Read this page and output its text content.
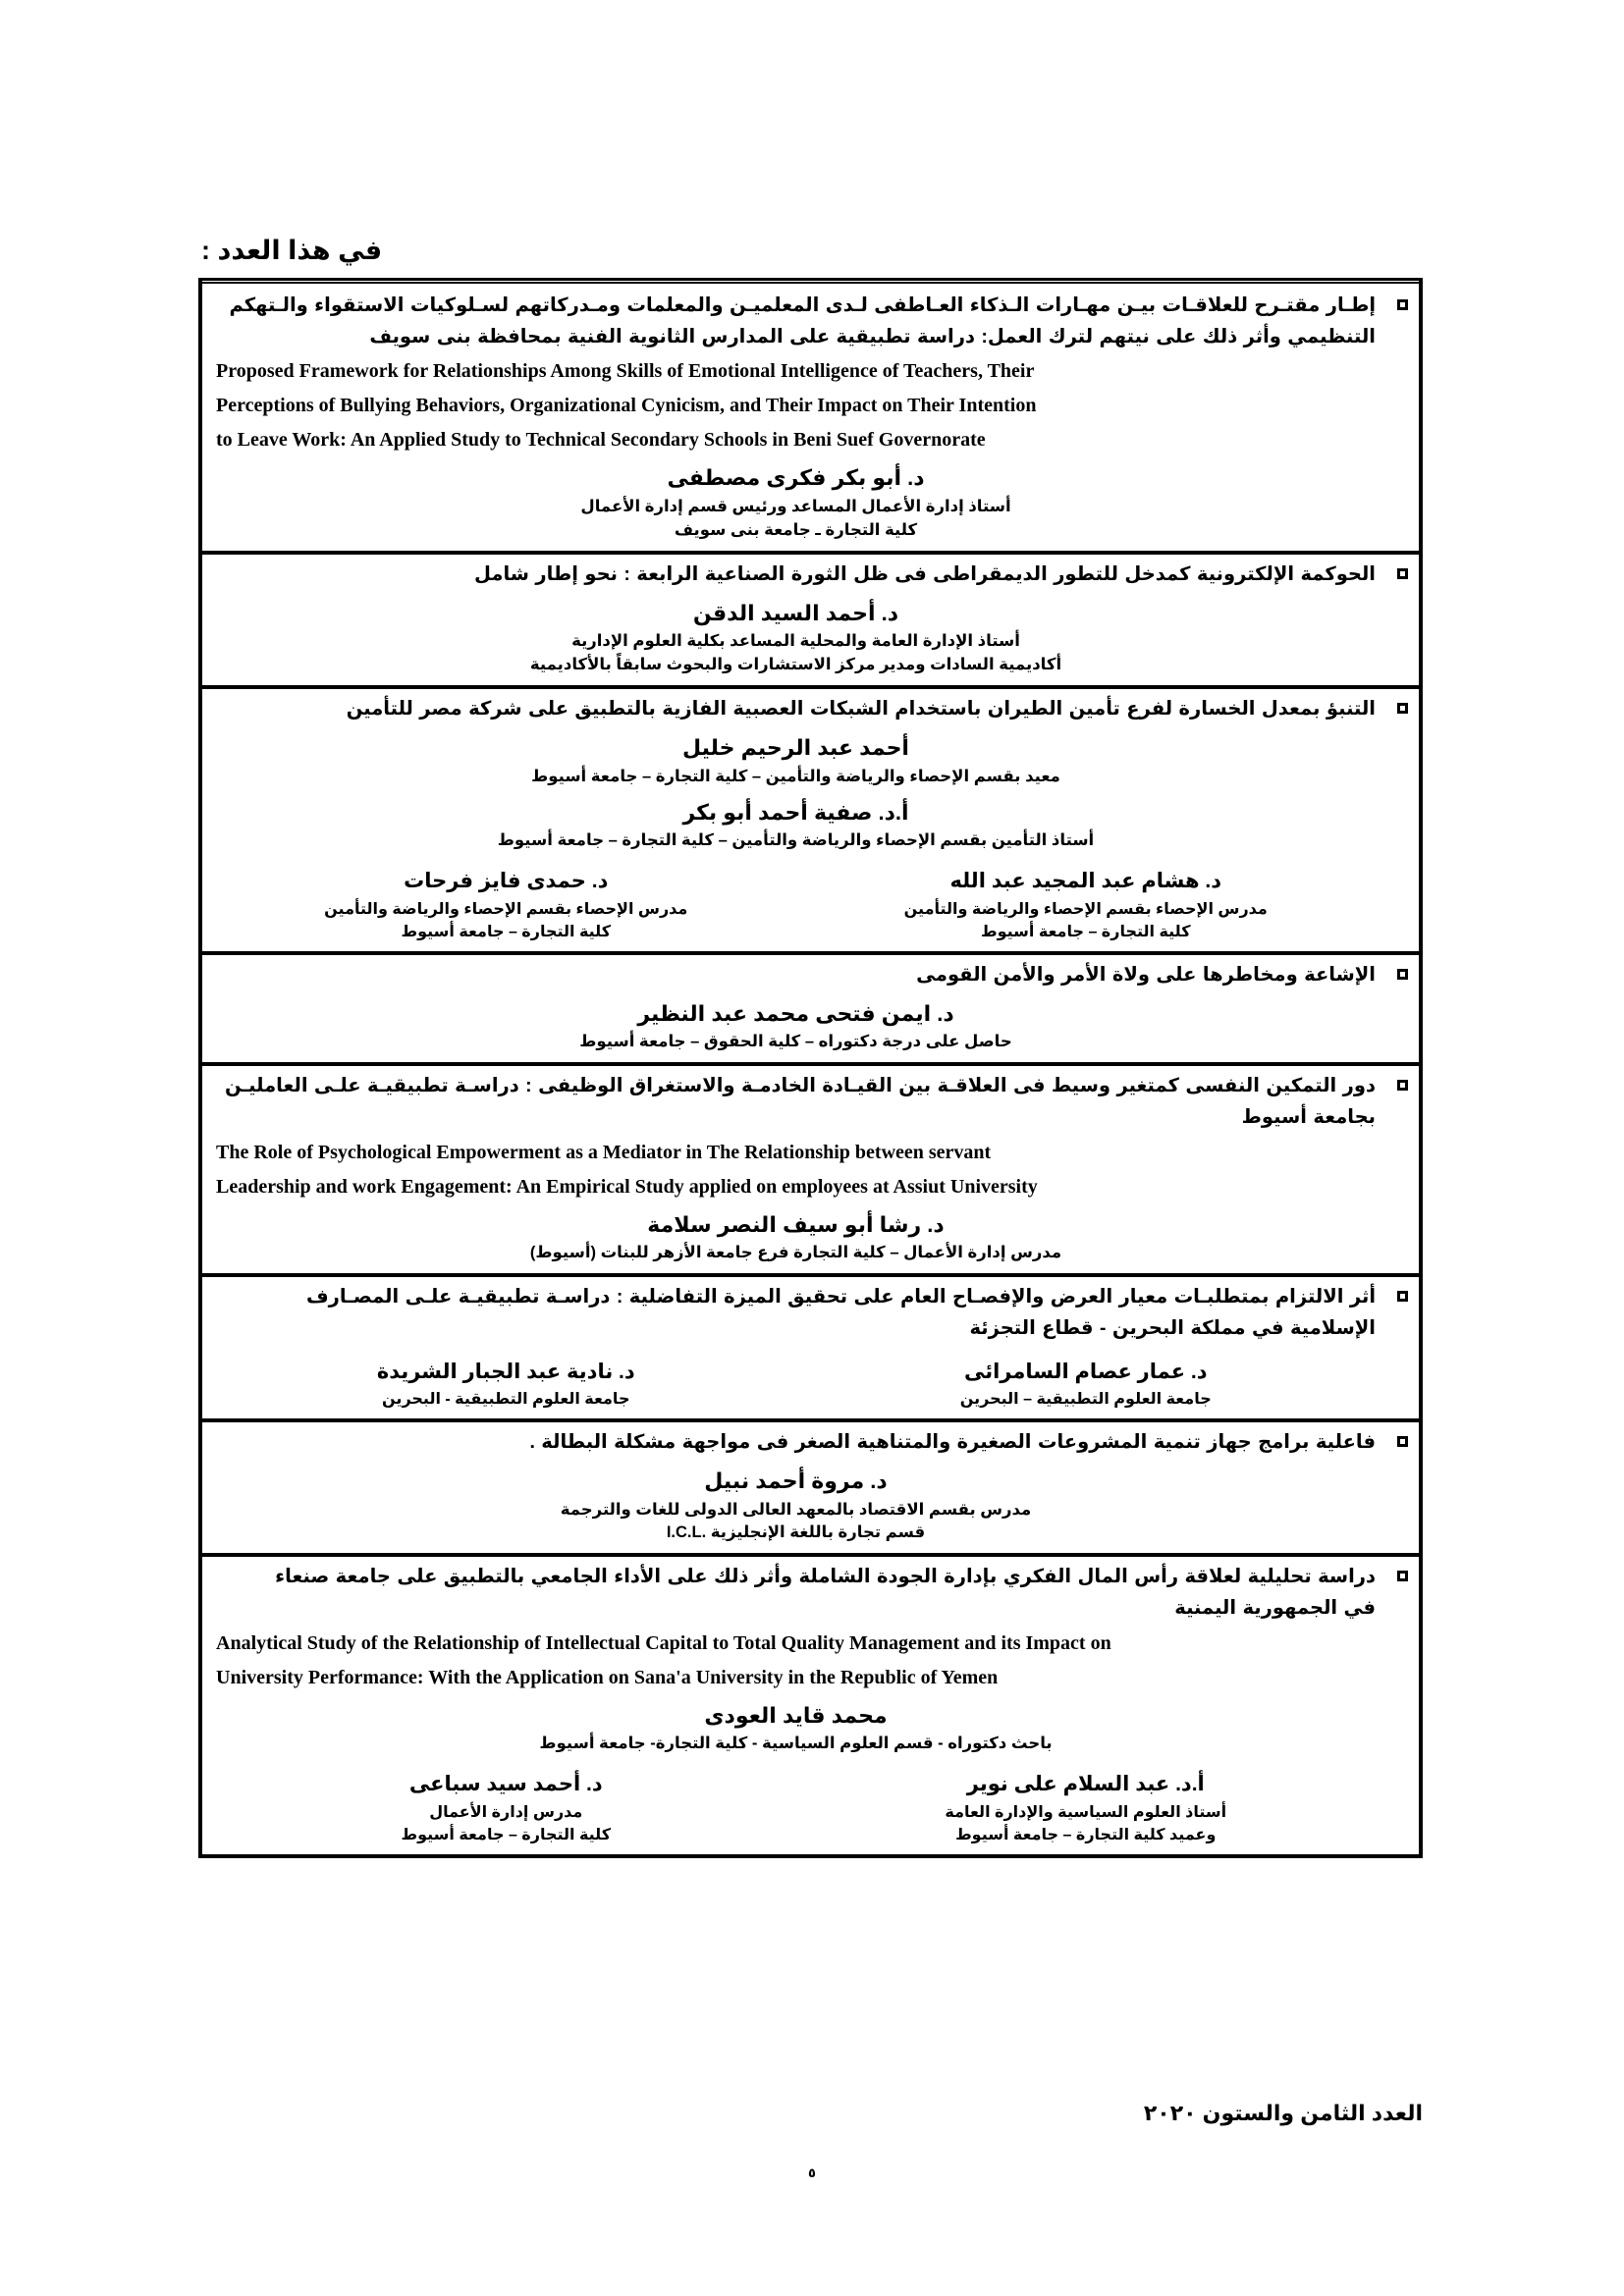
في هذا العدد :
إطـار مقتـرح للعلاقـات بيـن مهـارات الـذكاء العـاطفى لـدى المعلميـن والمعلمات ومـدركاتهم لسـلوكيات الاستقواء والـتهكم
التنظيمي وأثر ذلك على نيتهم لترك العمل: دراسة تطبيقية على المدارس الثانوية الفنية بمحافظة بنى سويف
Proposed Framework for Relationships Among Skills of Emotional Intelligence of Teachers, Their
Perceptions of Bullying Behaviors, Organizational Cynicism, and Their Impact on Their Intention
to Leave Work: An Applied Study to Technical Secondary Schools in Beni Suef Governorate
د. أبو بكر فكرى مصطفى
أستاذ إدارة الأعمال المساعد ورئيس قسم إدارة الأعمال
كلية التجارة ـ جامعة بنى سويف
الحوكمة الإلكترونية كمدخل للتطور الديمقراطى فى ظل الثورة الصناعية الرابعة : نحو إطار شامل
د. أحمد السيد الدقن
أستاذ الإدارة العامة والمحلية المساعد بكلية العلوم الإدارية
أكاديمية السادات ومدير مركز الاستشارات والبحوث سابقاً بالأكاديمية
التنبؤ بمعدل الخسارة لفرع تأمين الطيران باستخدام الشبكات العصبية الفازية بالتطبيق على شركة مصر للتأمين
أحمد عبد الرحيم خليل
معيد بقسم الإحصاء والرياضة والتأمين – كلية التجارة – جامعة أسيوط
أ.د. صفية أحمد أبو بكر
أستاذ التأمين بقسم الإحصاء والرياضة والتأمين – كلية التجارة – جامعة أسيوط
د. هشام عبد المجيد عبد الله
مدرس الإحصاء بقسم الإحصاء والرياضة والتأمين
كلية التجارة – جامعة أسيوط
د. حمدى فايز فرحات
مدرس الإحصاء بقسم الإحصاء والرياضة والتأمين
كلية التجارة – جامعة أسيوط
الإشاعة ومخاطرها على ولاة الأمر والأمن القومى
د. ايمن فتحى محمد عبد النظير
حاصل على درجة دكتوراه – كلية الحقوق – جامعة أسيوط
دور التمكين النفسى كمتغير وسيط فى العلاقـة بين القيـادة الخادمـة والاستغراق الوظيفى : دراسـة تطبيقيـة علـى العامليـن
بجامعة أسيوط
The Role of Psychological Empowerment as a Mediator in The Relationship between servant
Leadership and work Engagement: An Empirical Study applied on employees at Assiut University
د. رشا أبو سيف النصر سلامة
مدرس إدارة الأعمال – كلية التجارة فرع جامعة الأزهر للبنات (أسيوط)
أثر الالتزام بمتطلبـات معيار العرض والإفصـاح العام على تحقيق الميزة التفاضلية : دراسـة تطبيقيـة علـى المصـارف
الإسلامية في مملكة البحرين - قطاع التجزئة
د. عمار عصام السامرائى
جامعة العلوم التطبيقية – البحرين
د. نادية عبد الجبار الشريدة
جامعة العلوم التطبيقية - البحرين
فاعلية برامج جهاز تنمية المشروعات الصغيرة والمتناهية الصغر فى مواجهة مشكلة البطالة .
د. مروة أحمد نبيل
مدرس بقسم الاقتصاد بالمعهد العالى الدولى للغات والترجمة
قسم تجارة باللغة الإنجليزية .I.C.L
دراسة تحليلية لعلاقة رأس المال الفكري بإدارة الجودة الشاملة وأثر ذلك على الأداء الجامعي بالتطبيق على جامعة صنعاء
في الجمهورية اليمنية
Analytical Study of the Relationship of Intellectual Capital to Total Quality Management and its Impact on
University Performance: With the Application on Sana'a University in the Republic of Yemen
محمد قايد العودى
باحث دكتوراه - قسم العلوم السياسية - كلية التجارة- جامعة أسيوط
أ.د. عبد السلام على نوير
أستاذ العلوم السياسية والإدارة العامة
وعميد كلية التجارة – جامعة أسيوط
د. أحمد سيد سباعى
مدرس إدارة الأعمال
كلية التجارة – جامعة أسيوط
العدد الثامن والستون ٢٠٢٠
٥
